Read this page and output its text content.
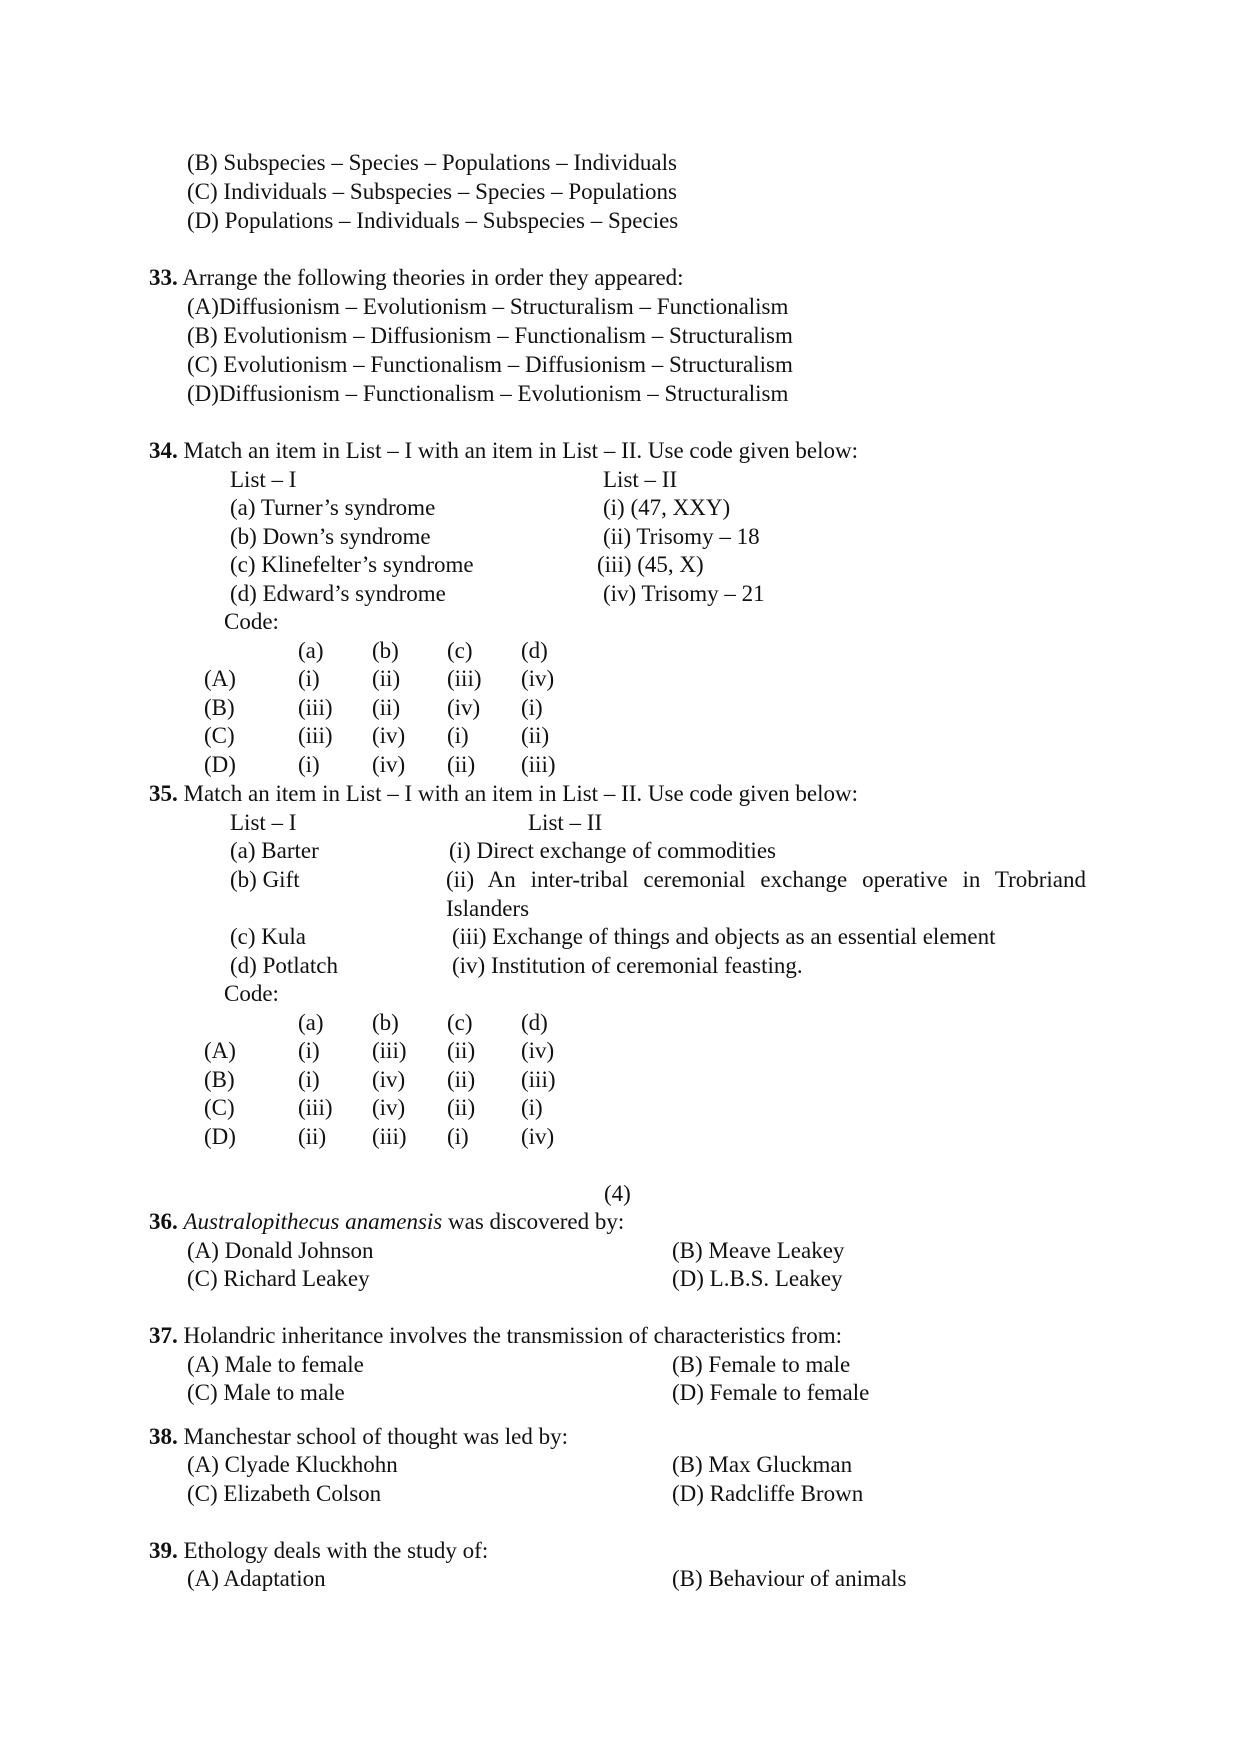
(B) Subspecies – Species – Populations – Individuals
(C) Individuals – Subspecies – Species – Populations
(D) Populations – Individuals – Subspecies – Species
33. Arrange the following theories in order they appeared:
(A)Diffusionism – Evolutionism – Structuralism – Functionalism
(B) Evolutionism – Diffusionism – Functionalism – Structuralism
(C) Evolutionism – Functionalism – Diffusionism – Structuralism
(D)Diffusionism – Functionalism – Evolutionism – Structuralism
34. Match an item in List – I with an item in List – II. Use code given below:
List – I	List – II
(a) Turner’s syndrome	(i) (47, XXY)
(b) Down’s syndrome	(ii) Trisomy – 18
(c) Klinefelter’s syndrome	(iii) (45, X)
(d) Edward’s syndrome	(iv) Trisomy – 21
Code:
(a) (b) (c) (d)
(A)	(i) (ii) (iii) (iv)
(B)	(iii) (ii) (iv) (i)
(C)	(iii) (iv) (i) (ii)
(D)	(i) (iv) (ii) (iii)
35. Match an item in List – I with an item in List – II. Use code given below:
List – I	List – II
(a) Barter	(i) Direct exchange of commodities
(b) Gift	(ii) An inter-tribal ceremonial exchange operative in Trobriand Islanders
(c) Kula	(iii) Exchange of things and objects as an essential element
(d) Potlatch	(iv) Institution of ceremonial feasting.
Code:
(a) (b) (c) (d)
(A)	(i) (iii) (ii) (iv)
(B)	(i) (iv) (ii) (iii)
(C)	(iii) (iv) (ii) (i)
(D)	(ii) (iii) (i) (iv)
(4)
36. Australopithecus anamensis was discovered by:
(A) Donald Johnson	(B) Meave Leakey
(C) Richard Leakey	(D) L.B.S. Leakey
37. Holandric inheritance involves the transmission of characteristics from:
(A) Male to female	(B) Female to male
(C) Male to male	(D) Female to female
38. Manchestar school of thought was led by:
(A) Clyade Kluckhohn	(B) Max Gluckman
(C) Elizabeth Colson	(D) Radcliffe Brown
39. Ethology deals with the study of:
(A) Adaptation	(B) Behaviour of animals
